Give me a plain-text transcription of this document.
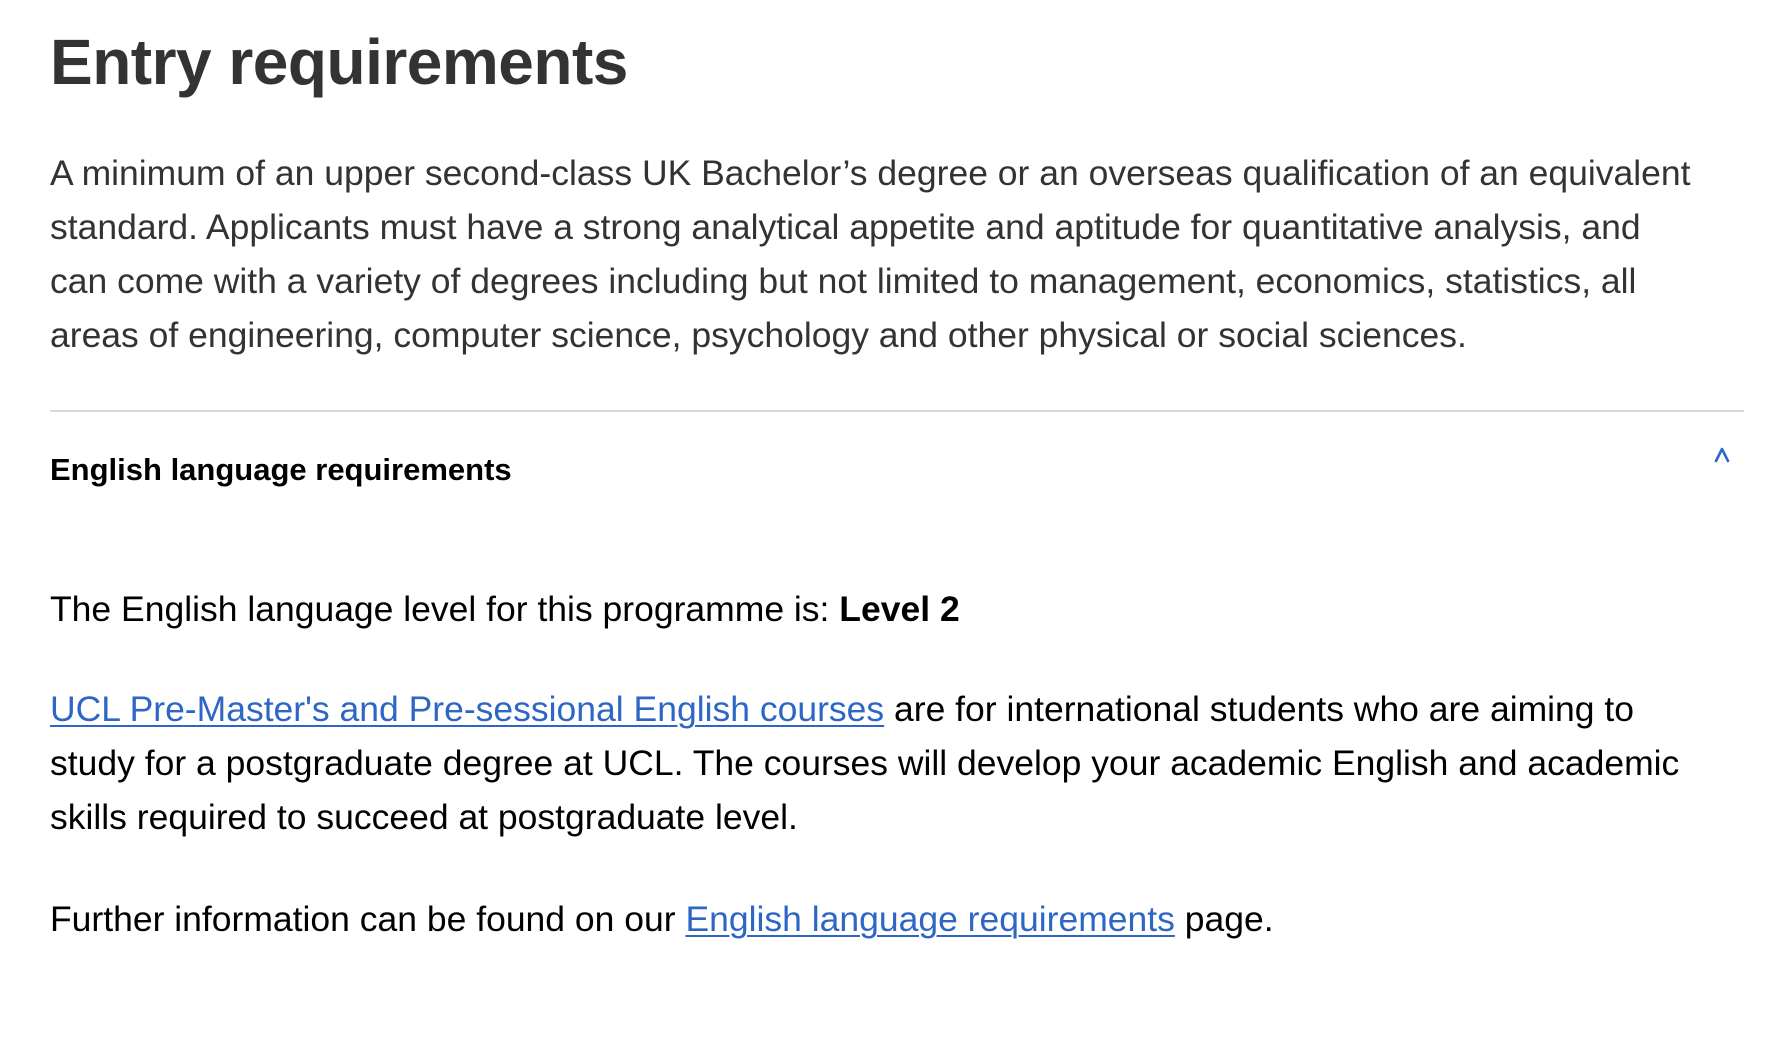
Entry requirements

A minimum of an upper second-class UK Bachelor’s degree or an overseas qualification of an equivalent
standard. Applicants must have a strong analytical appetite and aptitude for quantitative analysis, and
can come with a variety of degrees including but not limited to management, economics, statistics, all
areas of engineering, computer science, psychology and other physical or social sciences.

English language requirements

The English language level for this programme is: Level 2

UCL Pre-Master's and Pre-sessional English courses are for international students who are aiming to
study for a postgraduate degree at UCL. The courses will develop your academic English and academic
skills required to succeed at postgraduate level.

Further information can be found on our English language requirements page.
